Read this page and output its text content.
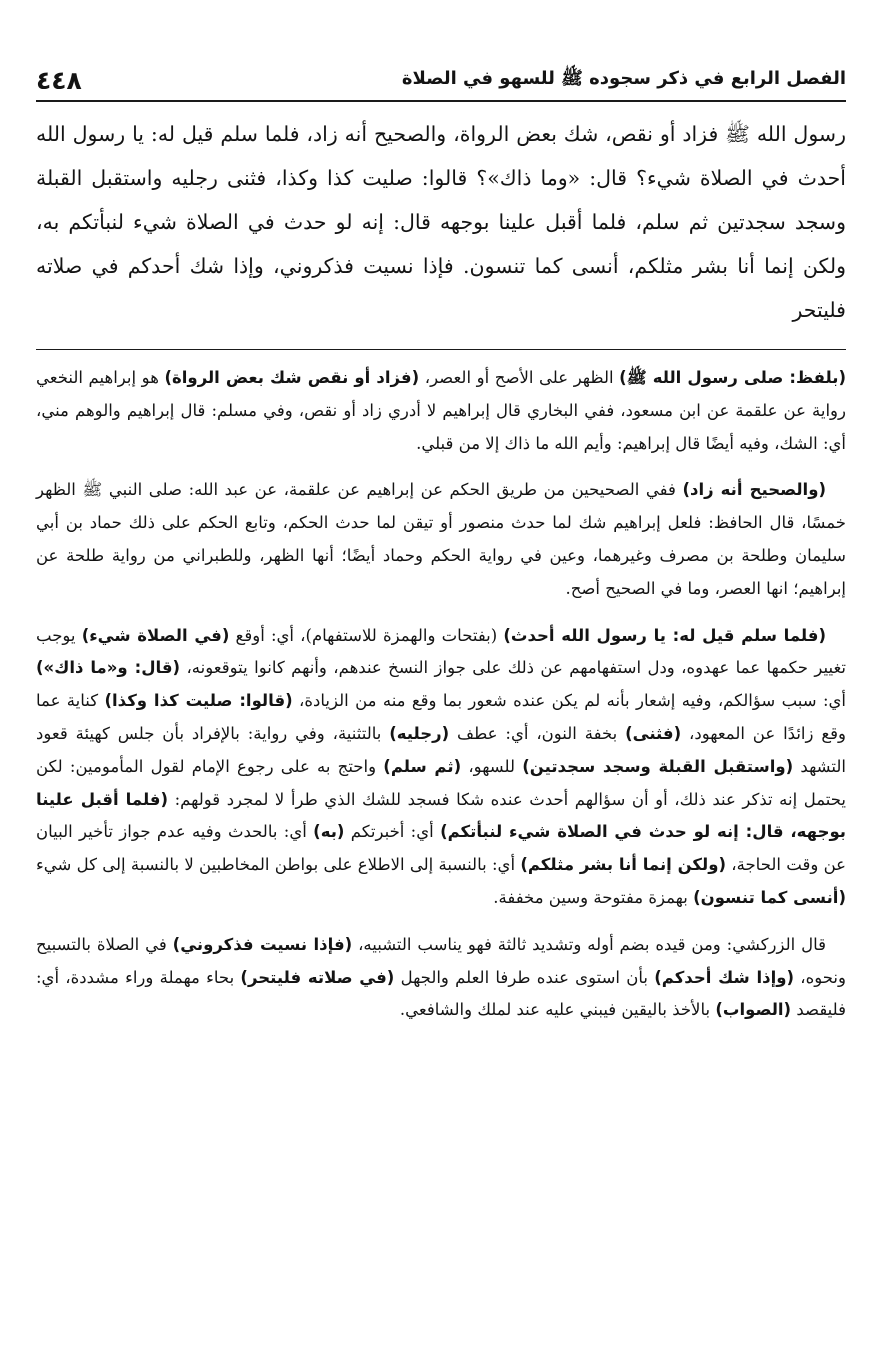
الفصل الرابع في ذكر سجوده ﷺ للسهو في الصلاة
٤٤٨

رسول الله ﷺ فزاد أو نقص، شك بعض الرواة، والصحيح أنه زاد، فلما سلم قيل له: يا رسول الله أحدث في الصلاة شيء؟ قال: «وما ذاك»؟ قالوا: صليت كذا وكذا، فثنى رجليه واستقبل القبلة وسجد سجدتين ثم سلم، فلما أقبل علينا بوجهه قال: إنه لو حدث في الصلاة شيء لنبأتكم به، ولكن إنما أنا بشر مثلكم، أنسى كما تنسون. فإذا نسيت فذكروني، وإذا شك أحدكم في صلاته فليتحر

(بلفظ: صلى رسول الله ﷺ) الظهر على الأصح أو العصر، (فزاد أو نقص شك بعض الرواة) هو إبراهيم النخعي رواية عن علقمة عن ابن مسعود، ففي البخاري قال إبراهيم لا أدري زاد أو نقص، وفي مسلم: قال إبراهيم والوهم مني، أي: الشك، وفيه أيضًا قال إبراهيم: وأيم الله ما ذاك إلا من قبلي.

(والصحيح أنه زاد) ففي الصحيحين من طريق الحكم عن إبراهيم عن علقمة، عن عبد الله: صلى النبي ﷺ الظهر خمسًا، قال الحافظ: فلعل إبراهيم شك لما حدث منصور أو تيقن لما حدث الحكم، وتابع الحكم على ذلك حماد بن أبي سليمان وطلحة بن مصرف وغيرهما، وعين في رواية الحكم وحماد أيضًا؛ أنها الظهر، وللطبراني من رواية طلحة عن إبراهيم؛ انها العصر، وما في الصحيح أصح.

(فلما سلم قيل له: يا رسول الله أحدث) (بفتحات والهمزة للاستفهام)، أي: أوقع (في الصلاة شيء) يوجب تغيير حكمها عما عهدوه، ودل استفهامهم عن ذلك على جواز النسخ عندهم، وأنهم كانوا يتوقعونه، (قال: و«ما ذاك») أي: سبب سؤالكم، وفيه إشعار بأنه لم يكن عنده شعور بما وقع منه من الزيادة، (قالوا: صليت كذا وكذا) كناية عما وقع زائدًا عن المعهود، (فثنى) بخفة النون، أي: عطف (رجليه) بالتثنية، وفي رواية: بالإفراد بأن جلس كهيئة قعود التشهد (واستقبل القبلة وسجد سجدتين) للسهو، (ثم سلم) واحتج به على رجوع الإمام لقول المأمومين: لكن يحتمل إنه تذكر عند ذلك، أو أن سؤالهم أحدث عنده شكا فسجد للشك الذي طرأ لا لمجرد قولهم: (فلما أقبل علينا بوجهه، قال: إنه لو حدث في الصلاة شيء لنبأتكم) أي: أخبرتكم (به) أي: بالحدث وفيه عدم جواز تأخير البيان عن وقت الحاجة، (ولكن إنما أنا بشر مثلكم) أي: بالنسبة إلى الاطلاع على بواطن المخاطبين لا بالنسبة إلى كل شيء (أنسى كما تنسون) بهمزة مفتوحة وسين مخففة.

قال الزركشي: ومن قيده بضم أوله وتشديد ثالثة فهو يناسب التشبيه، (فإذا نسيت فذكروني) في الصلاة بالتسبيح ونحوه، (وإذا شك أحدكم) بأن استوى عنده طرفا العلم والجهل (في صلاته فليتحر) بحاء مهملة وراء مشددة، أي: فليقصد (الصواب) بالأخذ باليقين فيبني عليه عند لملك والشافعي.
